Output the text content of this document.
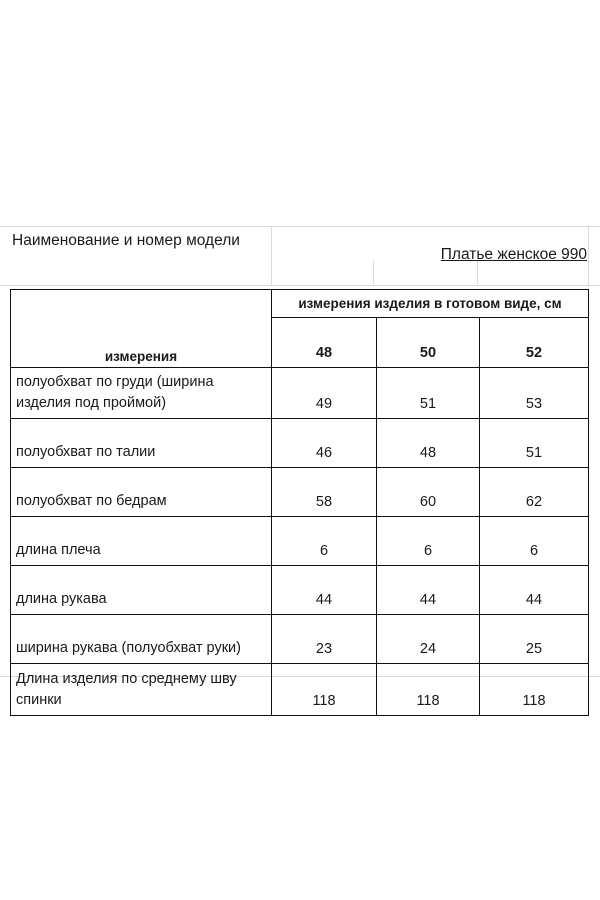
Наименование и номер модели
Платье женское 990
	измерения изделия в готовом виде, см		
измерения	48	50	52
полуобхват по груди (ширина изделия под проймой)	49	51	53
полуобхват по талии	46	48	51
полуобхват по бедрам	58	60	62
длина плеча	6	6	6
длина рукава	44	44	44
ширина рукава (полуобхват руки)	23	24	25
Длина изделия по среднему шву спинки	118	118	118
